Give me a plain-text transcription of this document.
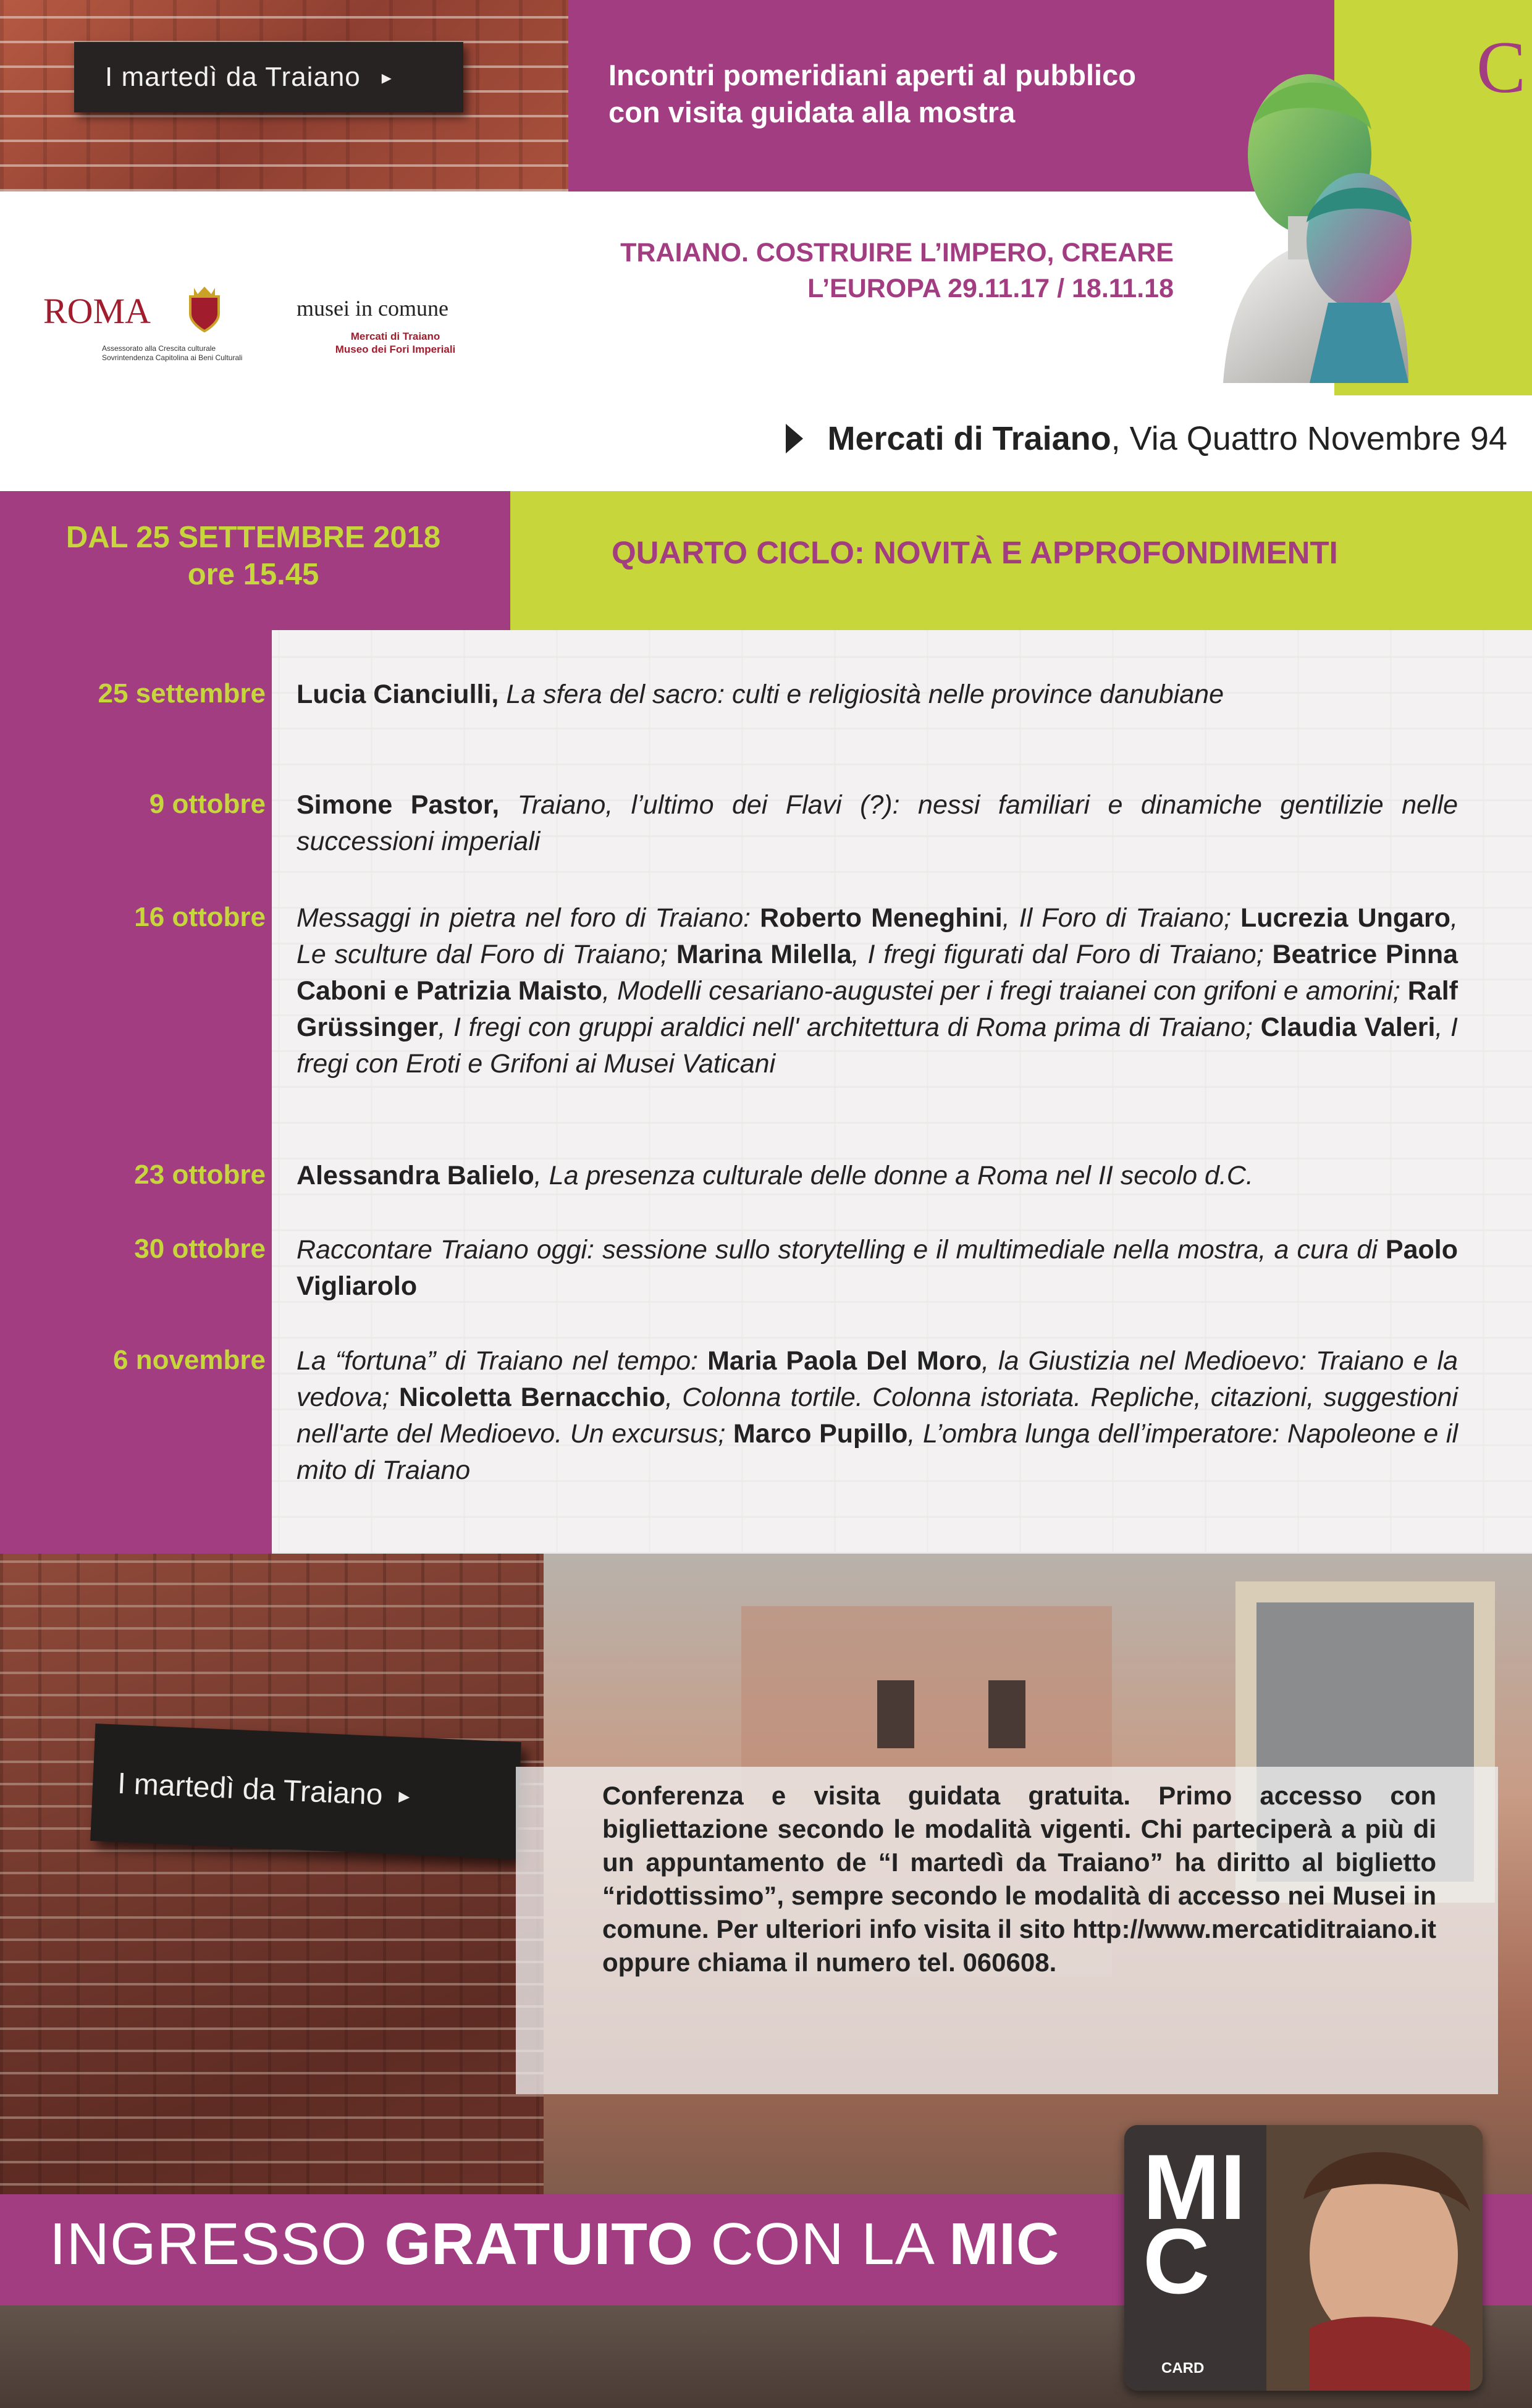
I martedì da Traiano ▸	Incontri pomeridiani aperti al pubblico
con visita guidata alla mostra
C
ROMA
Assessorato alla Crescita culturale
Sovrintendenza Capitolina ai Beni Culturali
musei in comune
Mercati di Traiano
Museo dei Fori Imperiali
TRAIANO. COSTRUIRE L’IMPERO, CREARE
L’EUROPA 29.11.17 / 18.11.18
Mercati di Traiano , Via Quattro Novembre 94
DAL 25 SETTEMBRE 2018
ore 15.45
QUARTO CICLO: NOVITÀ E APPROFONDIMENTI
25 settembre Lucia Cianciulli, La sfera del sacro: culti e religiosità nelle province danubiane
9 ottobre Simone Pastor, Traiano, l’ultimo dei Flavi (?): nessi familiari e dinamiche gentilizie nelle successioni imperiali
16 ottobre Messaggi in pietra nel foro di Traiano: Roberto Meneghini, Il Foro di Traiano; Lucrezia Ungaro, Le sculture dal Foro di Traiano; Marina Milella, I fregi figurati dal Foro di Traiano; Beatrice Pinna Caboni e Patrizia Maisto, Modelli cesariano-augustei per i fregi traianei con grifoni e amorini; Ralf Grüssinger, I fregi con gruppi araldici nell' architettura di Roma prima di Traiano; Claudia Valeri, I fregi con Eroti e Grifoni ai Musei Vaticani
23 ottobre Alessandra Balielo, La presenza culturale delle donne a Roma nel II secolo d.C.
30 ottobre Raccontare Traiano oggi: sessione sullo storytelling e il multimediale nella mostra, a cura di Paolo Vigliarolo
6 novembre La “fortuna” di Traiano nel tempo: Maria Paola Del Moro, la Giustizia nel Medioevo: Traiano e la vedova; Nicoletta Bernacchio, Colonna tortile. Colonna istoriata. Repliche, citazioni, suggestioni nell'arte del Medioevo. Un excursus; Marco Pupillo, L’ombra lunga dell’imperatore: Napoleone e il mito di Traiano
I martedì da Traiano ▸	Conferenza e visita guidata gratuita. Primo accesso con bigliettazione secondo le modalità vigenti. Chi parteciperà a più di un appuntamento de “I martedì da Traiano” ha diritto al biglietto “ridottissimo”, sempre secondo le modalità di accesso nei Musei in comune. Per ulteriori info visita il sito http://www.mercatiditraiano.it oppure chiama il numero tel. 060608.
INGRESSO GRATUITO CON LA MIC
MIC
CARD
